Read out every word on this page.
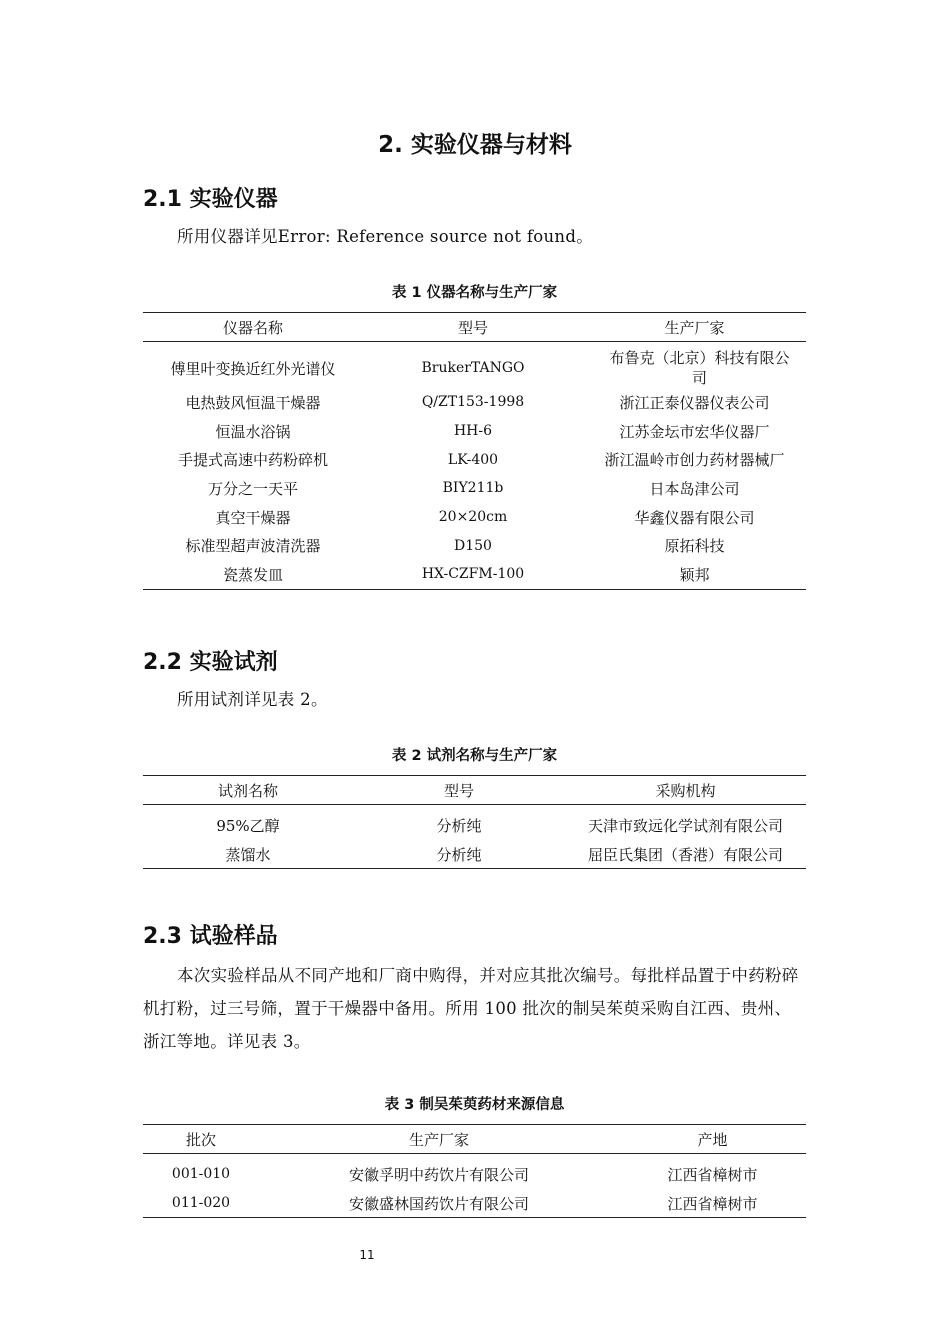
2. 实验仪器与材料
2.1 实验仪器
所用仪器详见Error: Reference source not found。
表 1 仪器名称与生产厂家
仪器名称	型号	生产厂家
傅里叶变换近红外光谱仪	BrukerTANGO	布鲁克（北京）科技有限公司
电热鼓风恒温干燥器	Q/ZT153-1998	浙江正泰仪器仪表公司
恒温水浴锅	HH-6	江苏金坛市宏华仪器厂
手提式高速中药粉碎机	LK-400	浙江温岭市创力药材器械厂
万分之一天平	BIY211b	日本岛津公司
真空干燥器	20×20cm	华鑫仪器有限公司
标准型超声波清洗器	D150	原拓科技
瓷蒸发皿	HX-CZFM-100	颖邦
2.2 实验试剂
所用试剂详见表 2。
表 2 试剂名称与生产厂家
试剂名称	型号	采购机构
95%乙醇	分析纯	天津市致远化学试剂有限公司
蒸馏水	分析纯	屈臣氏集团（香港）有限公司
2.3 试验样品
本次实验样品从不同产地和厂商中购得，并对应其批次编号。每批样品置于中药粉碎机打粉，过三号筛，置于干燥器中备用。所用 100 批次的制吴茱萸采购自江西、贵州、浙江等地。详见表 3。
表 3 制吴茱萸药材来源信息
批次	生产厂家	产地
001-010	安徽孚明中药饮片有限公司	江西省樟树市
011-020	安徽盛林国药饮片有限公司	江西省樟树市
11
